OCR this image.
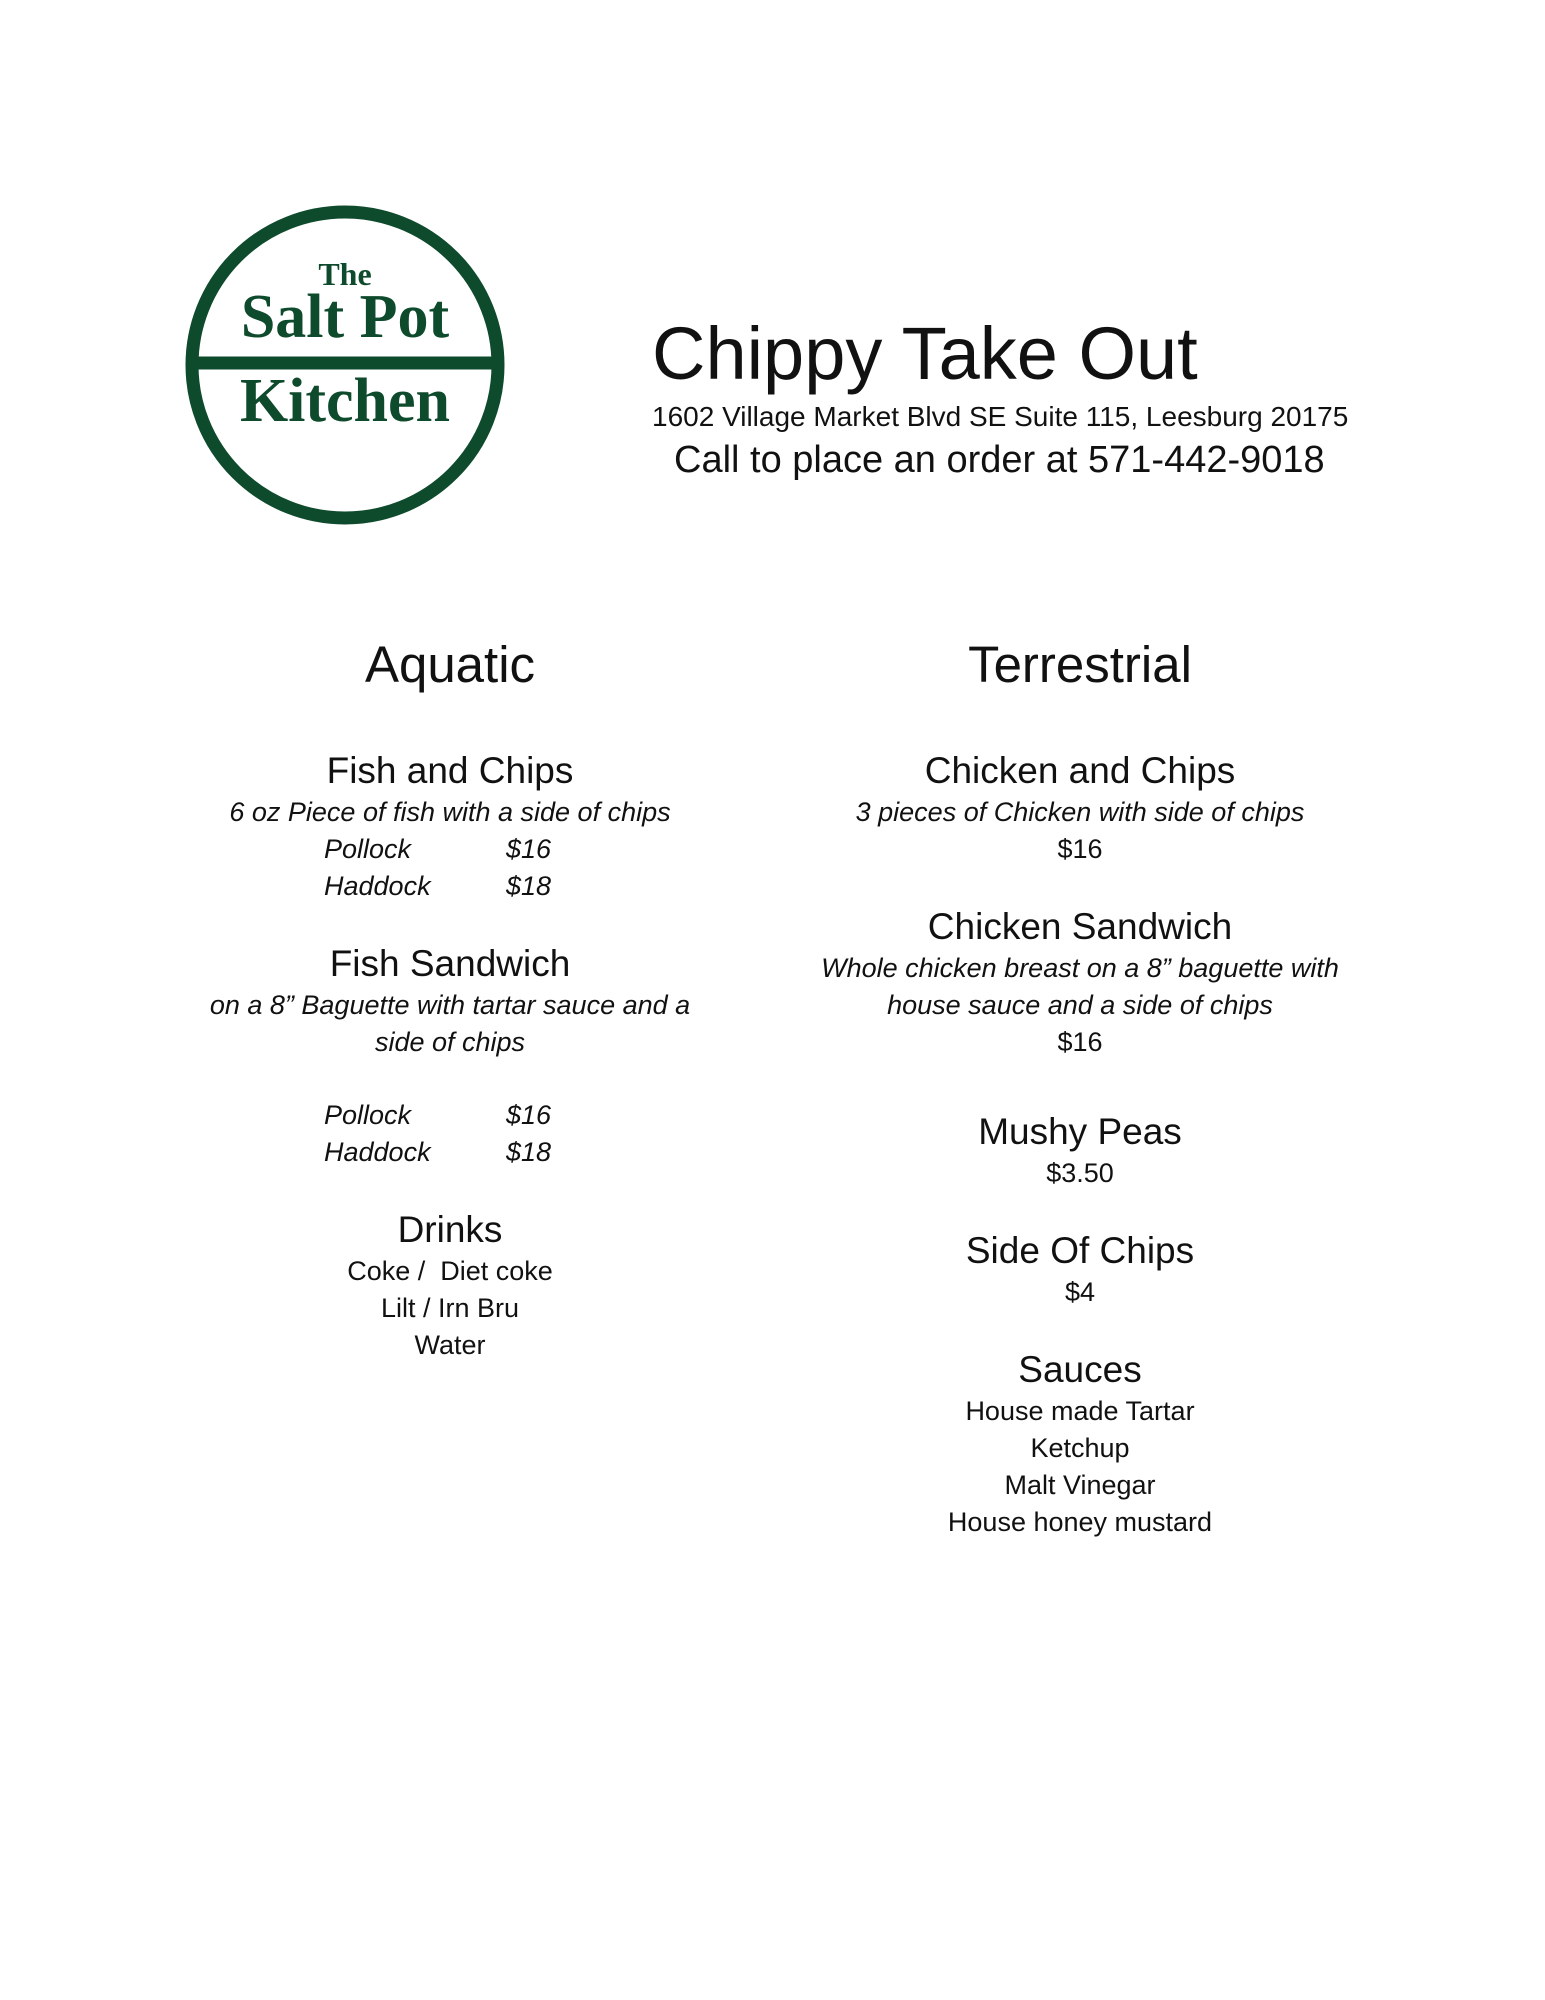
The
Salt Pot
Kitchen
Chippy Take Out
1602 Village Market Blvd SE Suite 115, Leesburg 20175
Call to place an order at 571-442-9018
Aquatic
Fish and Chips
6 oz Piece of fish with a side of chips
Pollock	$16
Haddock	$18
Fish Sandwich
on a 8” Baguette with tartar sauce and a side of chips
Pollock	$16
Haddock	$18
Drinks
Coke /  Diet coke
Lilt / Irn Bru
Water
Terrestrial
Chicken and Chips
3 pieces of Chicken with side of chips
$16
Chicken Sandwich
Whole chicken breast on a 8” baguette with house sauce and a side of chips
$16
Mushy Peas
$3.50
Side Of Chips
$4
Sauces
House made Tartar
Ketchup
Malt Vinegar
House honey mustard
